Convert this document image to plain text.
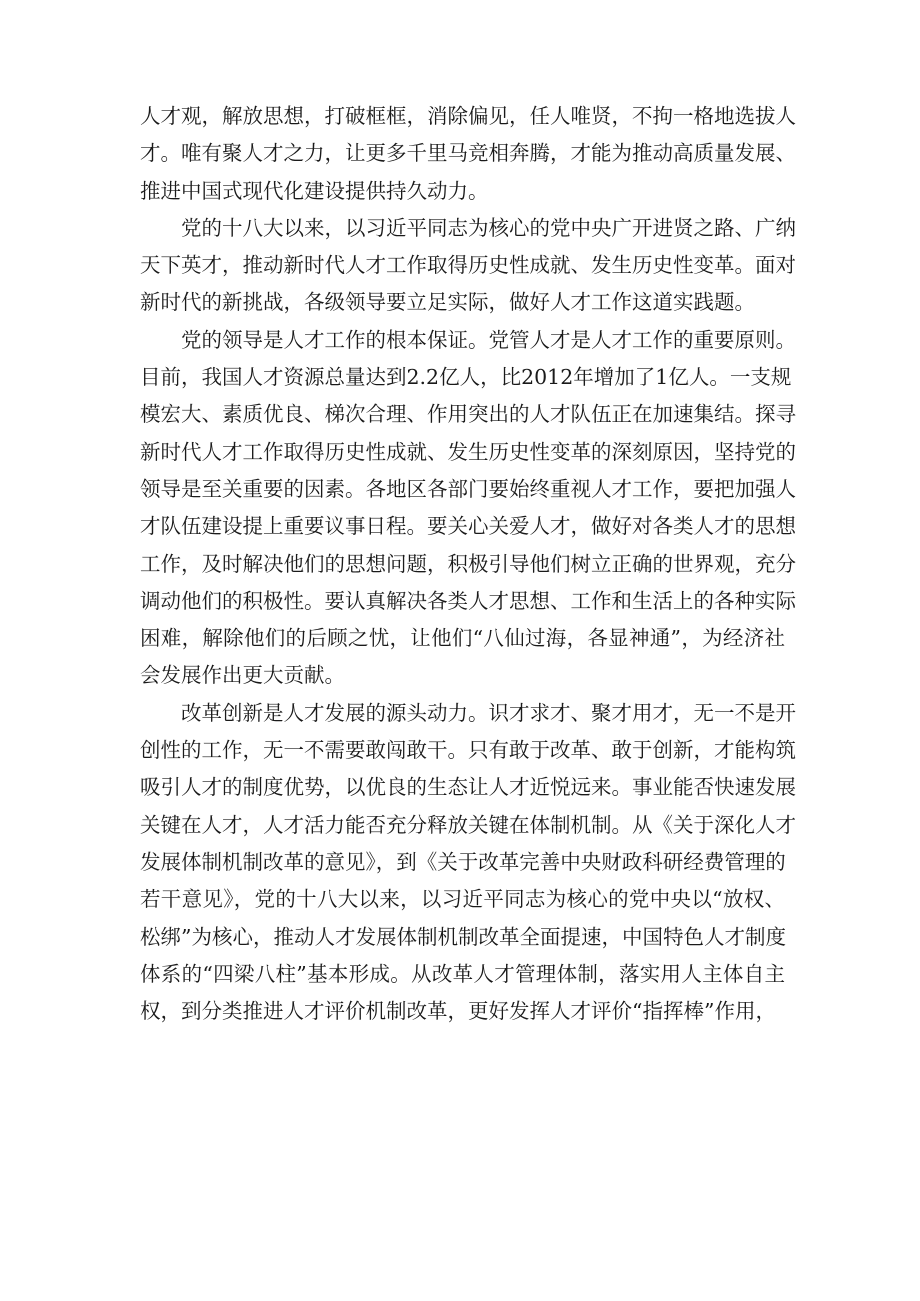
人才观，解放思想，打破框框，消除偏见，任人唯贤，不拘一格地选拔人
才。唯有聚人才之力，让更多千里马竞相奔腾，才能为推动高质量发展、
推进中国式现代化建设提供持久动力。
党的十八大以来，以习近平同志为核心的党中央广开进贤之路、广纳
天下英才，推动新时代人才工作取得历史性成就、发生历史性变革。面对
新时代的新挑战，各级领导要立足实际，做好人才工作这道实践题。
党的领导是人才工作的根本保证。党管人才是人才工作的重要原则。
目前，我国人才资源总量达到2.2亿人，比2012年增加了1亿人。一支规
模宏大、素质优良、梯次合理、作用突出的人才队伍正在加速集结。探寻
新时代人才工作取得历史性成就、发生历史性变革的深刻原因，坚持党的
领导是至关重要的因素。各地区各部门要始终重视人才工作，要把加强人
才队伍建设提上重要议事日程。要关心关爱人才，做好对各类人才的思想
工作，及时解决他们的思想问题，积极引导他们树立正确的世界观，充分
调动他们的积极性。要认真解决各类人才思想、工作和生活上的各种实际
困难，解除他们的后顾之忧，让他们“八仙过海，各显神通”，为经济社
会发展作出更大贡献。
改革创新是人才发展的源头动力。识才求才、聚才用才，无一不是开
创性的工作，无一不需要敢闯敢干。只有敢于改革、敢于创新，才能构筑
吸引人才的制度优势，以优良的生态让人才近悦远来。事业能否快速发展
关键在人才，人才活力能否充分释放关键在体制机制。从《关于深化人才
发展体制机制改革的意见》，到《关于改革完善中央财政科研经费管理的
若干意见》，党的十八大以来，以习近平同志为核心的党中央以“放权、
松绑”为核心，推动人才发展体制机制改革全面提速，中国特色人才制度
体系的“四梁八柱”基本形成。从改革人才管理体制，落实用人主体自主
权，到分类推进人才评价机制改革，更好发挥人才评价“指挥棒”作用，
